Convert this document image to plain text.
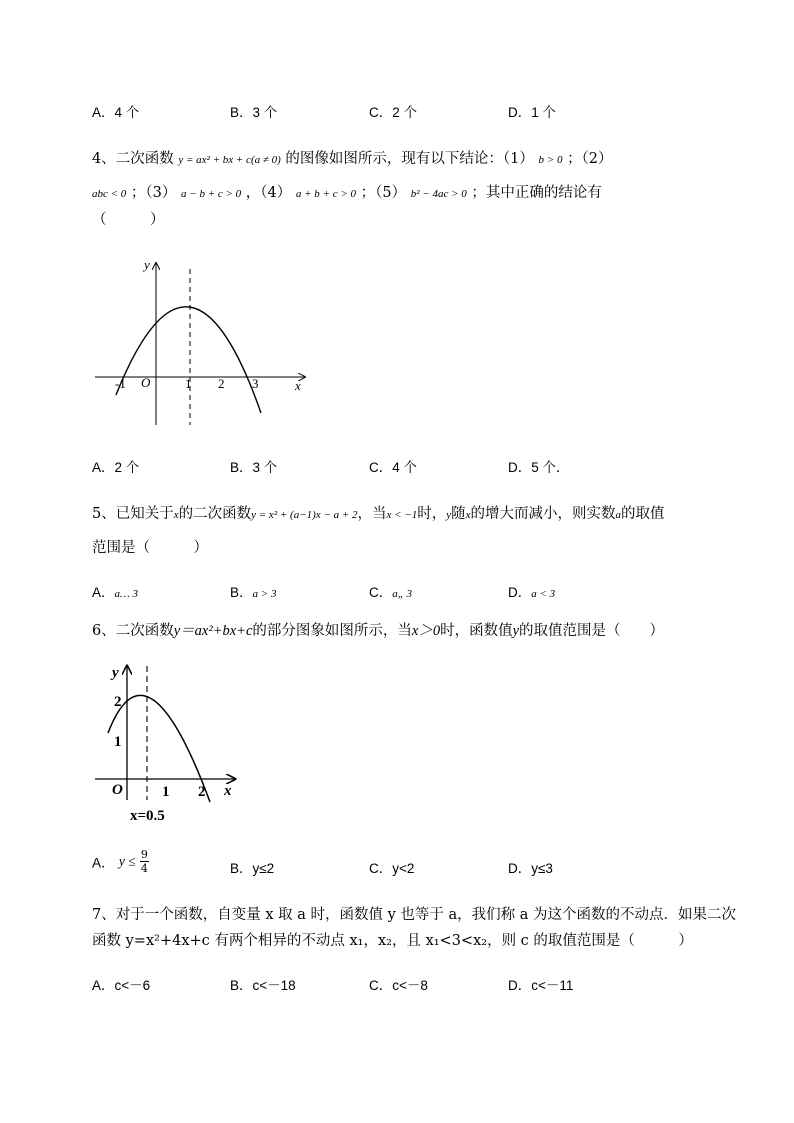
A．4 个	B．3 个	C．2 个	D．1 个
4、二次函数 y = ax² + bx + c(a ≠ 0) 的图像如图所示，现有以下结论：（1） b > 0 ；（2）
abc < 0 ；（3） a − b + c > 0 ，（4） a + b + c > 0 ；（5） b² − 4ac > 0 ；其中正确的结论有
（　　　）
y
x
O
-1	1 2 3
A．2 个	B．3 个	C．4 个	D．5 个．
5、已知关于x的二次函数y = x² + (a−1)x − a + 2，当x < −1时，y随x的增大而减小，则实数a的取值
范围是（　　　）
A．a… 3	B．a > 3	C．a„ 3	D．a < 3
6、二次函数y＝ax²+bx+c的部分图象如图所示，当x＞0时，函数值y的取值范围是（　　）
y
x
O
2
1
1 2
x=0.5
A． $y \le \frac{9}{4}$	B．y≤2	C．y<2	D．y≤3
7、对于一个函数，自变量 x 取 a 时，函数值 y 也等于 a，我们称 a 为这个函数的不动点．如果二次
函数 y=x²+4x+c 有两个相异的不动点 x₁，x₂，且 x₁<3<x₂，则 c 的取值范围是（　　　）
A．c<－6	B．c<－18	C．c<－8	D．c<－11
